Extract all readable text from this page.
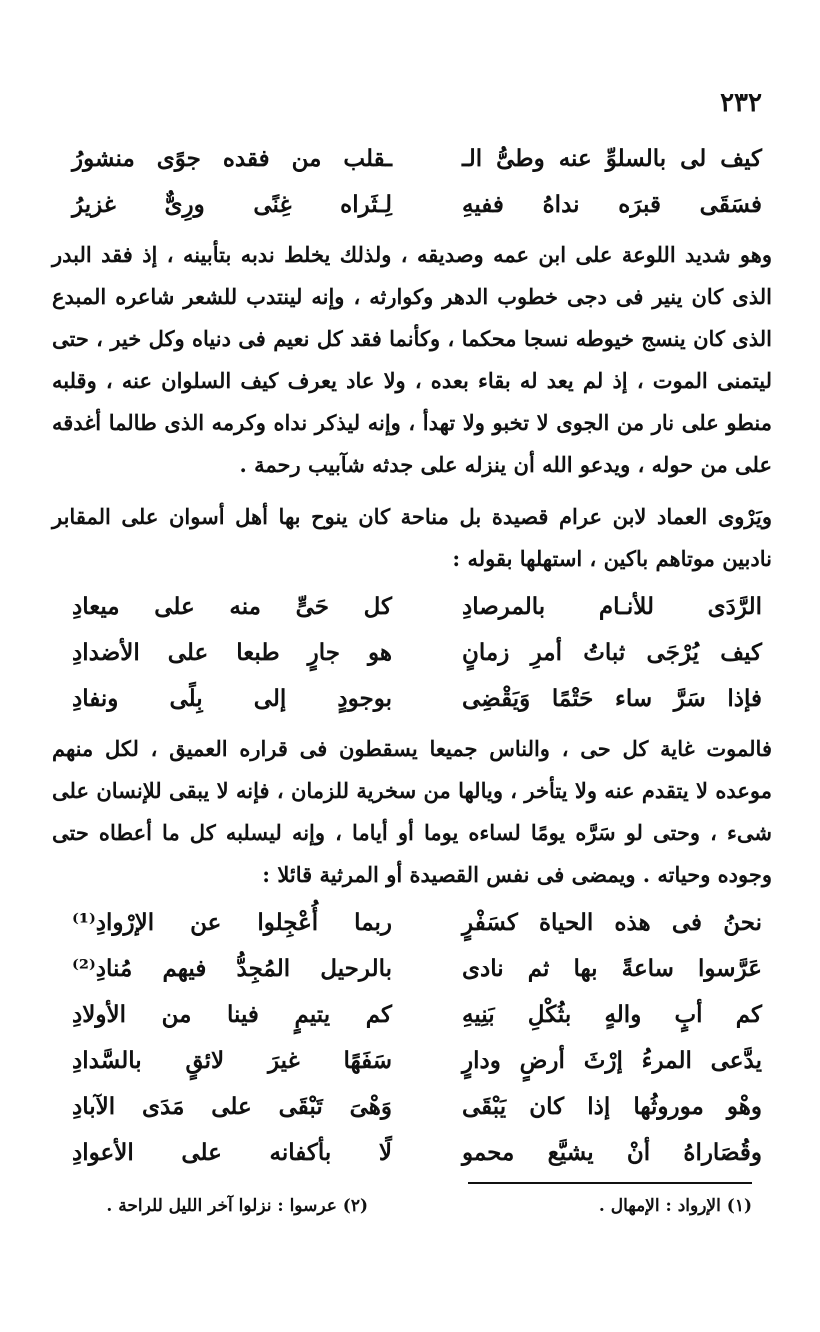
٢٣٢
كيف لى بالسلوِّ عنه وطىُّ الـ
ـقلب من فقده جوًى منشورُ
فسَقَى قبرَه نداهُ ففيهِ
لِـثَراه غِنًى ورِىٌّ غزيرُ

وهو شديد اللوعة على ابن عمه وصديقه ، ولذلك يخلط ندبه بتأبينه ، إذ فقد البدر الذى كان ينير فى دجى خطوب الدهر وكوارثه ، وإنه لينتدب للشعر شاعره المبدع الذى كان ينسج خيوطه نسجا محكما ، وكأنما فقد كل نعيم فى دنياه وكل خير ، حتى ليتمنى الموت ، إذ لم يعد له بقاء بعده ، ولا عاد يعرف كيف السلوان عنه ، وقلبه منطو على نار من الجوى لا تخبو ولا تهدأ ، وإنه ليذكر نداه وكرمه الذى طالما أغدقه على من حوله ، ويدعو الله أن ينزله على جدثه شآبيب رحمة .

ويَرْوى العماد لابن عرام قصيدة بل مناحة كان ينوح بها أهل أسوان على المقابر نادبين موتاهم باكين ، استهلها بقوله :

الرَّدَى للأنـام بالمرصادِ
كل حَىٍّ منه على ميعادِ
كيف يُرْجَى ثباتُ أمرِ زمانٍ
هو جارٍ طبعا على الأضدادِ
فإذا سَرَّ ساء حَتْمًا وَيَقْضِى
بوجودٍ إلى بِلًى ونفادِ

فالموت غاية كل حى ، والناس جميعا يسقطون فى قراره العميق ، لكل منهم موعده لا يتقدم عنه ولا يتأخر ، ويالها من سخرية للزمان ، فإنه لا يبقى للإنسان على شىء ، وحتى لو سَرَّه يومًا لساءه يوما أو أياما ، وإنه ليسلبه كل ما أعطاه حتى وجوده وحياته . ويمضى فى نفس القصيدة أو المرثية قائلا :

نحنُ فى هذه الحياة كسَفْرٍ
ربما أُعْجِلوا عن الإرْوادِ⁽¹⁾
عَرَّسوا ساعةً بها ثم نادى
بالرحيل المُجِدُّ فيهم مُنادِ⁽²⁾
كم أبٍ والهٍ بثُكْلِ بَنِيهِ
كم يتيمٍ فينا من الأولادِ
يدَّعى المرءُ إرْثَ أرضٍ ودارٍ
سَفَهًا غيرَ لائقٍ بالسَّدادِ
وهْو موروثُها إذا كان يَبْقَى
وَهْىَ تَبْقَى على مَدَى الآبادِ
وقُصَاراهُ أنْ يشيَّع محمو
لًا بأكفانه على الأعوادِ
(١) الإرواد : الإمهال .
(٢) عرسوا : نزلوا آخر الليل للراحة .
